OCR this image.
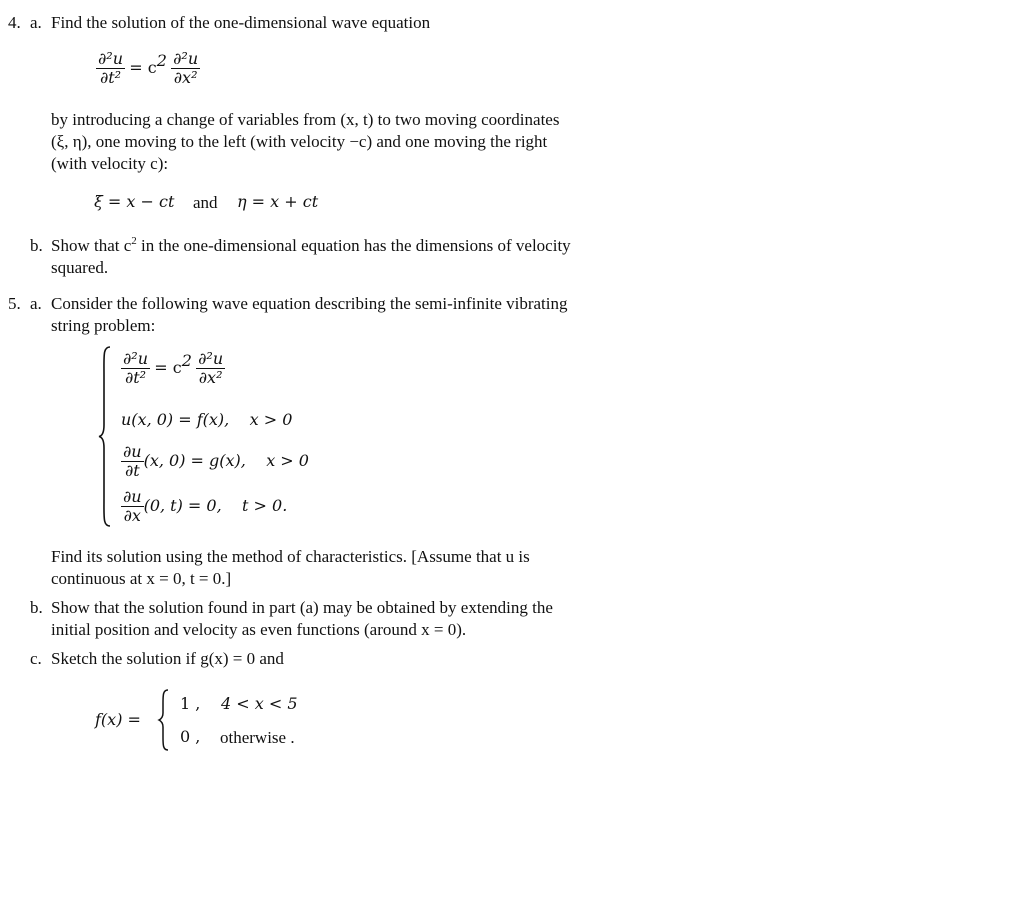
4. a. Find the solution of the one-dimensional wave equation
$\frac{\text{∂²u}}{\text{∂t²}} = c^2 \frac{\text{∂²u}}{\text{∂x²}}$
by introducing a change of variables from (x, t) to two moving coordinates
(ξ, η), one moving to the left (with velocity −c) and one moving the right
(with velocity c):
ξ = x − ct and η = x + ct
b. Show that $c^2$ in the one-dimensional equation has the dimensions of velocity
squared.
5. a. Consider the following wave equation describing the semi-infinite vibrating
string problem:
$\frac{\text{∂²u}}{\text{∂t²}} = c^2 \frac{\text{∂²u}}{\text{∂x²}}$
u(x, 0) = f(x),    x > 0
$\frac{\partial u}{\partial t} (x$, 0) = g(x),    x > 0
$\frac{\partial u}{\partial x} (0$, t) = 0,    t > 0.
Find its solution using the method of characteristics. [Assume that u is
continuous at x = 0, t = 0.]
b. Show that the solution found in part (a) may be obtained by extending the
initial position and velocity as even functions (around x = 0).
c. Sketch the solution if g(x) = 0 and
f(x) =
1 , 4 < x < 5
0 , otherwise .
